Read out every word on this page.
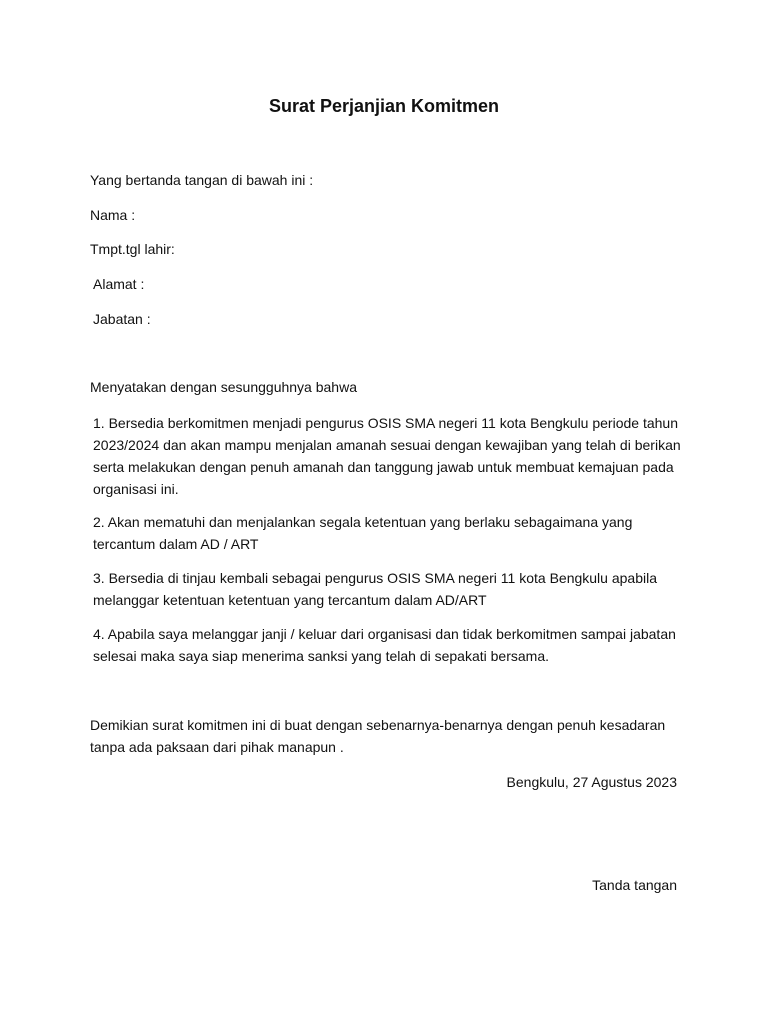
Surat Perjanjian Komitmen

Yang bertanda tangan di bawah ini :

Nama :

Tmpt.tgl lahir:

Alamat :

Jabatan :

Menyatakan dengan sesungguhnya bahwa

1. Bersedia berkomitmen menjadi pengurus OSIS SMA negeri 11 kota Bengkulu periode tahun 2023/2024 dan akan mampu menjalan amanah sesuai dengan kewajiban yang telah di berikan serta melakukan dengan penuh amanah dan tanggung jawab untuk membuat kemajuan pada organisasi ini.

2. Akan mematuhi dan menjalankan segala ketentuan yang berlaku sebagaimana yang tercantum dalam AD / ART

3. Bersedia di tinjau kembali sebagai pengurus OSIS SMA negeri 11 kota Bengkulu apabila melanggar ketentuan ketentuan yang tercantum dalam AD/ART

4. Apabila saya melanggar janji / keluar dari organisasi dan tidak berkomitmen sampai jabatan selesai maka saya siap menerima sanksi yang telah di sepakati bersama.

Demikian surat komitmen ini di buat dengan sebenarnya-benarnya dengan penuh kesadaran tanpa ada paksaan dari pihak manapun .

Bengkulu, 27 Agustus 2023

Tanda tangan
